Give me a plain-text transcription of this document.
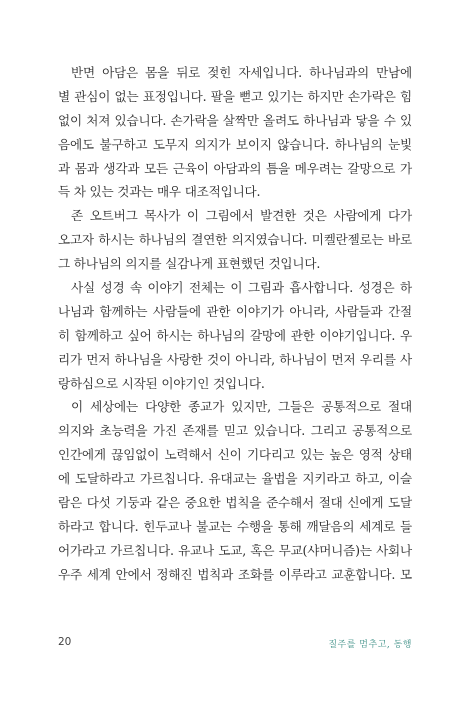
반면 아담은 몸을 뒤로 젖힌 자세입니다. 하나님과의 만남에
별 관심이 없는 표정입니다. 팔을 뻗고 있기는 하지만 손가락은 힘
없이 처져 있습니다. 손가락을 살짝만 올려도 하나님과 닿을 수 있
음에도 불구하고 도무지 의지가 보이지 않습니다. 하나님의 눈빛
과 몸과 생각과 모든 근육이 아담과의 틈을 메우려는 갈망으로 가
득 차 있는 것과는 매우 대조적입니다.
존 오트버그 목사가 이 그림에서 발견한 것은 사람에게 다가
오고자 하시는 하나님의 결연한 의지였습니다. 미켈란젤로는 바로
그 하나님의 의지를 실감나게 표현했던 것입니다.
사실 성경 속 이야기 전체는 이 그림과 흡사합니다. 성경은 하
나님과 함께하는 사람들에 관한 이야기가 아니라, 사람들과 간절
히 함께하고 싶어 하시는 하나님의 갈망에 관한 이야기입니다. 우
리가 먼저 하나님을 사랑한 것이 아니라, 하나님이 먼저 우리를 사
랑하심으로 시작된 이야기인 것입니다.
이 세상에는 다양한 종교가 있지만, 그들은 공통적으로 절대
의지와 초능력을 가진 존재를 믿고 있습니다. 그리고 공통적으로
인간에게 끊임없이 노력해서 신이 기다리고 있는 높은 영적 상태
에 도달하라고 가르칩니다. 유대교는 율법을 지키라고 하고, 이슬
람은 다섯 기둥과 같은 중요한 법칙을 준수해서 절대 신에게 도달
하라고 합니다. 힌두교나 불교는 수행을 통해 깨달음의 세계로 들
어가라고 가르칩니다. 유교나 도교, 혹은 무교(샤머니즘)는 사회나
우주 세계 안에서 정해진 법칙과 조화를 이루라고 교훈합니다. 모
20	질주를 멈추고, 동행
